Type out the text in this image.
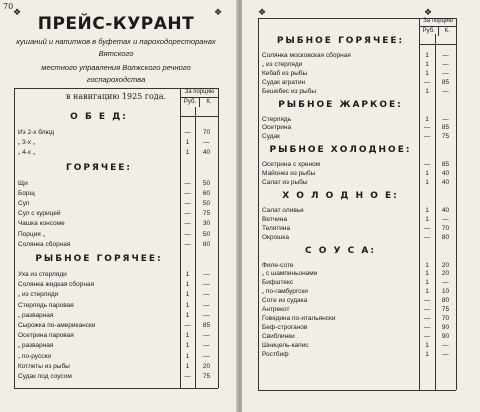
70
❖	❖
ПРЕЙС-КУРАНТ
кушаний и напитков в буфетах и пароходоресторанах Вятского
местного управления Волжского речного госпароходства
в навигацию 1925 года.	За порцию
Руб.	К.
О Б Е Д:
Из 2-х блюд	—	70
„ 3-х „	1	—
„ 4-х „	1	40
ГОРЯЧЕЕ:
Щи	—	50
Борщ	—	60
Суп	—	50
Суп с курицей	—	75
Чашка консоме	—	30
Порция „	—	50
Солянка сборная	—	80
РЫБНОЕ ГОРЯЧЕЕ:
Уха из стерляди	1	—
Солянка жидкая сборная	1	—
„ из стерляди	1	—
Стерлядь паровая	1	—
„ разварная	1	—
Сырожка по-американски	—	85
Осетрина паровая	1	—
„ разварная	1	—
„ по-русски	1	—
Котлеты из рыбы	1	20
Судак под соусом	—	75
❖	❖
За порцию
Руб.	К.
РЫБНОЕ ГОРЯЧЕЕ:
Солянка московская сборная	1	—
„ из стерляди	1	—
Кебаб из рыбы	1	—
Судак агратин	—	85
Бешебес из рыбы	1	—
РЫБНОЕ ЖАРКОЕ:
Стерлядь	1	—
Осетрина	—	85
Судак	—	75
РЫБНОЕ ХОЛОДНОЕ:
Осетрина с хреном	—	85
Майонез из рыбы	1	40
Салат из рыбы	1	40
Х О Л О Д Н О Е:
Салат оливье	1	40
Ветчина	1	—
Телятина	—	70
Окрошка	—	80
С О У С А:
Филе-соте	1	20
„ с шампиньонами	1	20
Бифштекс	1	—
„ по-гамбургски	1	10
Соте из судака	—	80
Антрекот	—	75
Говядина по-итальянски	—	70
Беф-строганов	—	90
Свиблинки	—	90
Шницель-капис	1	—
Ростбиф	1	—
